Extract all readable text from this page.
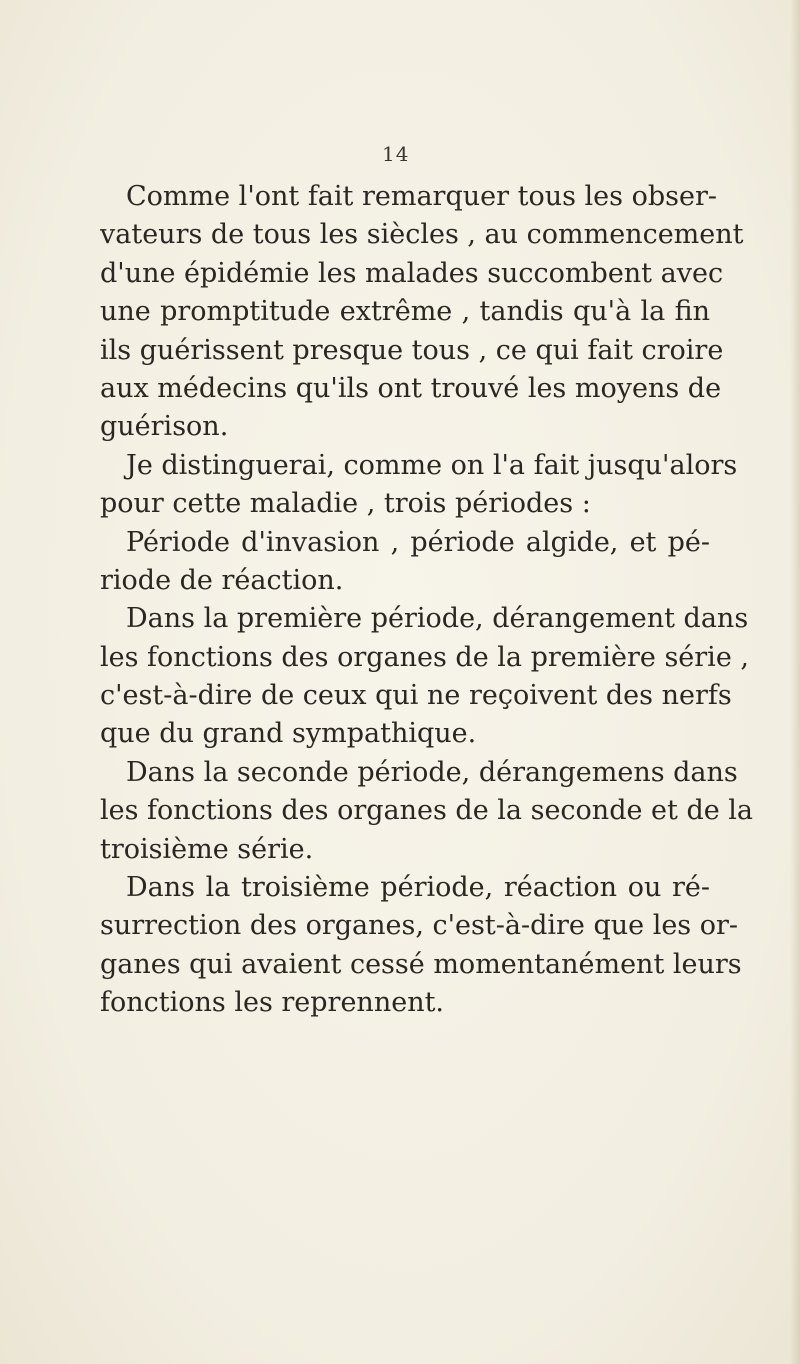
14
Comme l'ont fait remarquer tous les obser-
vateurs de tous les siècles , au commencement
d'une épidémie les malades succombent avec
une promptitude extrême , tandis qu'à la fin
ils guérissent presque tous , ce qui fait croire
aux médecins qu'ils ont trouvé les moyens de
guérison.
Je distinguerai, comme on l'a fait jusqu'alors
pour cette maladie , trois périodes :
Période d'invasion , période algide, et pé-
riode de réaction.
Dans la première période, dérangement dans
les fonctions des organes de la première série ,
c'est-à-dire de ceux qui ne reçoivent des nerfs
que du grand sympathique.
Dans la seconde période, dérangemens dans
les fonctions des organes de la seconde et de la
troisième série.
Dans la troisième période, réaction ou ré-
surrection des organes, c'est-à-dire que les or-
ganes qui avaient cessé momentanément leurs
fonctions les reprennent.
